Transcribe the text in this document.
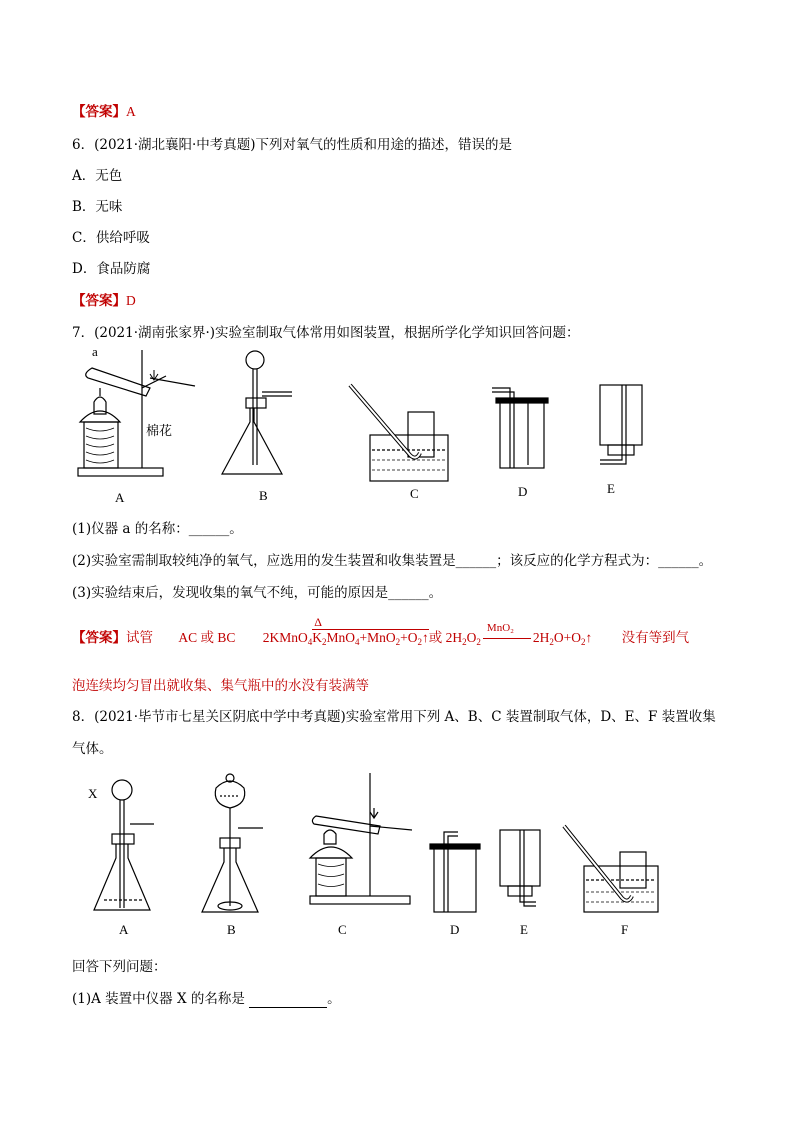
【答案】A
6．(2021·湖北襄阳·中考真题)下列对氧气的性质和用途的描述，错误的是
A．无色
B．无味
C．供给呼吸
D．食品防腐
【答案】D
7．(2021·湖南张家界·)实验室制取气体常用如图装置，根据所学化学知识回答问题：
a
棉花
A	B	C	D	E
(1)仪器 a 的名称：______。
(2)实验室需制取较纯净的氧气，应选用的发生装置和收集装置是______；该反应的化学方程式为：______。
(3)实验结束后，发现收集的氧气不纯，可能的原因是______。
【答案】试管 AC 或 BC 2KMnO$_4$
Δ
$K_2MnO_4+MnO_2+O_2↑$或 $2H_2O_2$
MnO₂
$2H_2O+O_2↑$ 没有等到气
泡连续均匀冒出就收集、集气瓶中的水没有装满等
8．(2021·毕节市七星关区阴底中学中考真题)实验室常用下列 A、B、C 装置制取气体，D、E、F 装置收集
气体。
X
A	B	C	D	E	F
回答下列问题：
(1)A 装置中仪器 X 的名称是	。
